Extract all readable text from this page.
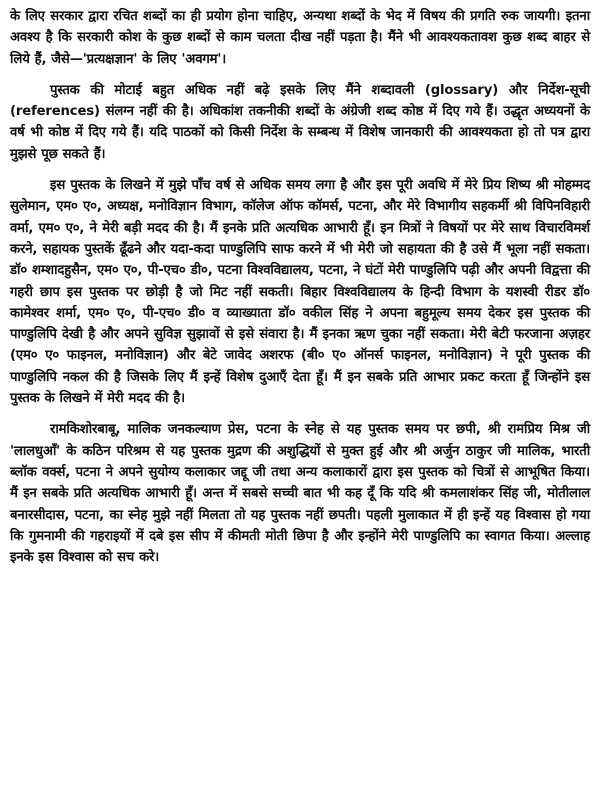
के लिए सरकार द्वारा रचित शब्दों का ही प्रयोग होना चाहिए, अन्यथा शब्दों के भेद में विषय की प्रगति रुक जायगी। इतना अवश्य है कि सरकारी कोश के कुछ शब्दों से काम चलता दीख नहीं पड़ता है। मैंने भी आवश्यकतावश कुछ शब्द बाहर से लिये हैं, जैसे—'प्रत्यक्षज्ञान' के लिए 'अवगम'।

पुस्तक की मोटाई बहुत अधिक नहीं बढ़े इसके लिए मैंने शब्दावली (glossary) और निर्देश-सूची (references) संलग्न नहीं की है। अधिकांश तकनीकी शब्दों के अंग्रेजी शब्द कोष्ठ में दिए गये हैं। उद्धृत अध्ययनों के वर्ष भी कोष्ठ में दिए गये हैं। यदि पाठकों को किसी निर्देश के सम्बन्ध में विशेष जानकारी की आवश्यकता हो तो पत्र द्वारा मुझसे पूछ सकते हैं।

इस पुस्तक के लिखने में मुझे पाँच वर्ष से अधिक समय लगा है और इस पूरी अवधि में मेरे प्रिय शिष्य श्री मोहम्मद सुलेमान, एम० ए०, अध्यक्ष, मनोविज्ञान विभाग, कॉलेज ऑफ कॉमर्स, पटना, और मेरे विभागीय सहकर्मी श्री विपिनविहारी वर्मा, एम० ए०, ने मेरी बड़ी मदद की है। मैं इनके प्रति अत्यधिक आभारी हूँ। इन मित्रों ने विषयों पर मेरे साथ विचारविमर्श करने, सहायक पुस्तकें ढूँढने और यदा-कदा पाण्डुलिपि साफ करने में भी मेरी जो सहायता की है उसे मैं भूला नहीं सकता। डॉ० शम्शादहुसैन, एम० ए०, पी-एच० डी०, पटना विश्वविद्यालय, पटना, ने घंटों मेरी पाण्डुलिपि पढ़ी और अपनी विद्वत्ता की गहरी छाप इस पुस्तक पर छोड़ी है जो मिट नहीं सकती। बिहार विश्वविद्यालय के हिन्दी विभाग के यशस्वी रीडर डॉ० कामेश्वर शर्मा, एम० ए०, पी-एच० डी० व व्याख्याता डॉ० वकील सिंह ने अपना बहुमूल्य समय देकर इस पुस्तक की पाण्डुलिपि देखी है और अपने सुविज्ञ सुझावों से इसे संवारा है। मैं इनका ऋण चुका नहीं सकता। मेरी बेटी फरजाना अज़हर (एम० ए० फाइनल, मनोविज्ञान) और बेटे जावेद अशरफ (बी० ए० ऑनर्स फाइनल, मनोविज्ञान) ने पूरी पुस्तक की पाण्डुलिपि नकल की है जिसके लिए मैं इन्हें विशेष दुआएँ देता हूँ। मैं इन सबके प्रति आभार प्रकट करता हूँ जिन्होंने इस पुस्तक के लिखने में मेरी मदद की है।

रामकिशोरबाबू, मालिक जनकल्याण प्रेस, पटना के स्नेह से यह पुस्तक समय पर छपी, श्री रामप्रिय मिश्र जी 'लालधुआँ' के कठिन परिश्रम से यह पुस्तक मुद्रण की अशुद्धियों से मुक्त हुई और श्री अर्जुन ठाकुर जी मालिक, भारती ब्लॉक वर्क्स, पटना ने अपने सुयोग्य कलाकार जद्दू जी तथा अन्य कलाकारों द्वारा इस पुस्तक को चित्रों से आभूषित किया। मैं इन सबके प्रति अत्यधिक आभारी हूँ। अन्त में सबसे सच्ची बात भी कह दूँ कि यदि श्री कमलाशंकर सिंह जी, मोतीलाल बनारसीदास, पटना, का स्नेह मुझे नहीं मिलता तो यह पुस्तक नहीं छपती। पहली मुलाकात में ही इन्हें यह विश्वास हो गया कि गुमनामी की गहराइयों में दबे इस सीप में कीमती मोती छिपा है और इन्होंने मेरी पाण्डुलिपि का स्वागत किया। अल्लाह इनके इस विश्वास को सच करे।
